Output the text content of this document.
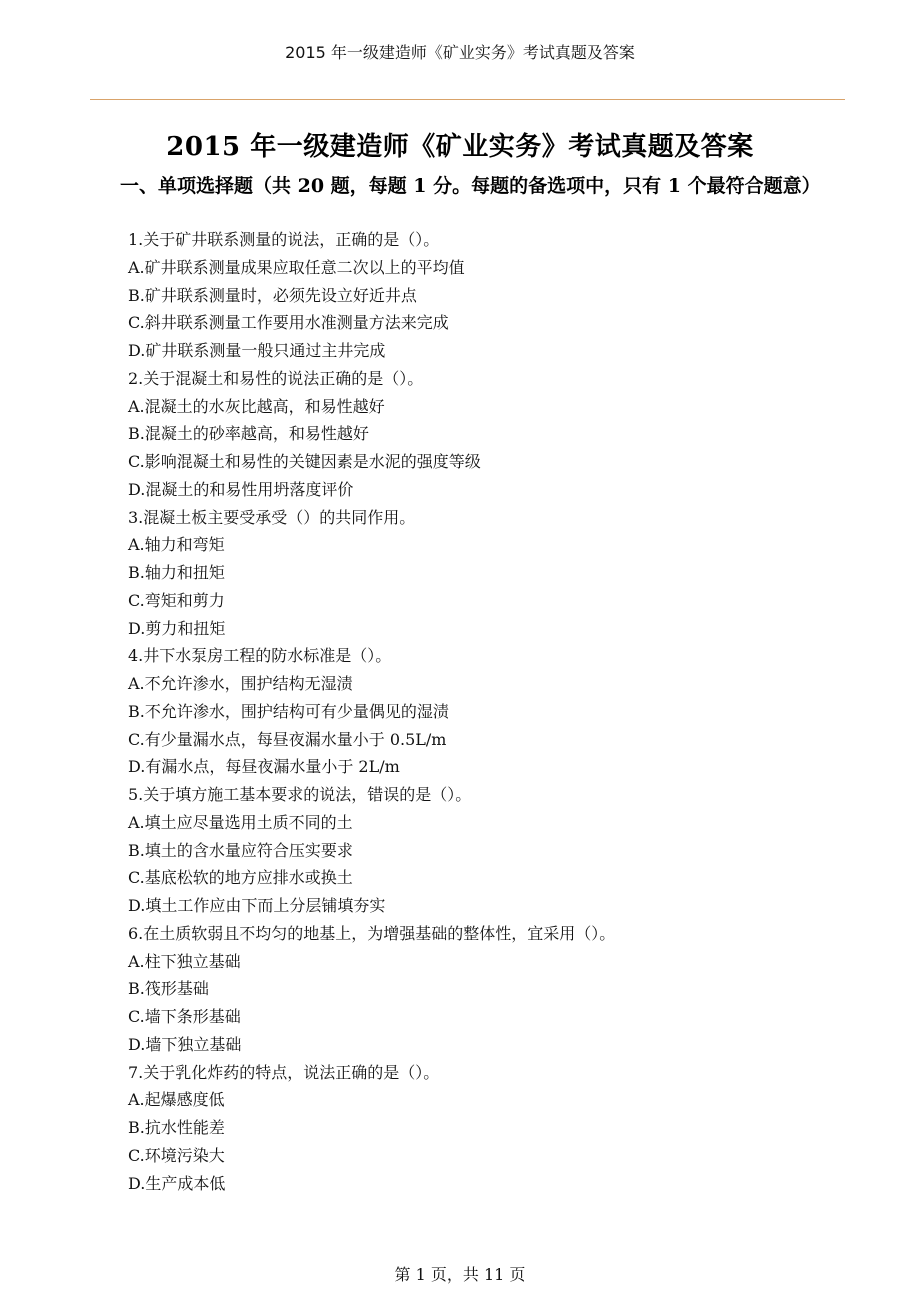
2015 年一级建造师《矿业实务》考试真题及答案
2015 年一级建造师《矿业实务》考试真题及答案
一、单项选择题（共 20 题，每题 1 分。每题的备选项中，只有 1 个最符合题意）
1.关于矿井联系测量的说法，正确的是（）。
A.矿井联系测量成果应取任意二次以上的平均值
B.矿井联系测量时，必须先设立好近井点
C.斜井联系测量工作要用水准测量方法来完成
D.矿井联系测量一般只通过主井完成
2.关于混凝土和易性的说法正确的是（）。
A.混凝土的水灰比越高，和易性越好
B.混凝土的砂率越高，和易性越好
C.影响混凝土和易性的关键因素是水泥的强度等级
D.混凝土的和易性用坍落度评价
3.混凝土板主要受承受（）的共同作用。
A.轴力和弯矩
B.轴力和扭矩
C.弯矩和剪力
D.剪力和扭矩
4.井下水泵房工程的防水标准是（）。
A.不允许渗水，围护结构无湿渍
B.不允许渗水，围护结构可有少量偶见的湿渍
C.有少量漏水点，每昼夜漏水量小于 0.5L/m
D.有漏水点，每昼夜漏水量小于 2L/m
5.关于填方施工基本要求的说法，错误的是（）。
A.填土应尽量选用土质不同的土
B.填土的含水量应符合压实要求
C.基底松软的地方应排水或换土
D.填土工作应由下而上分层铺填夯实
6.在土质软弱且不均匀的地基上，为增强基础的整体性，宜采用（）。
A.柱下独立基础
B.筏形基础
C.墙下条形基础
D.墙下独立基础
7.关于乳化炸药的特点，说法正确的是（）。
A.起爆感度低
B.抗水性能差
C.环境污染大
D.生产成本低
第 1 页，共 11 页
